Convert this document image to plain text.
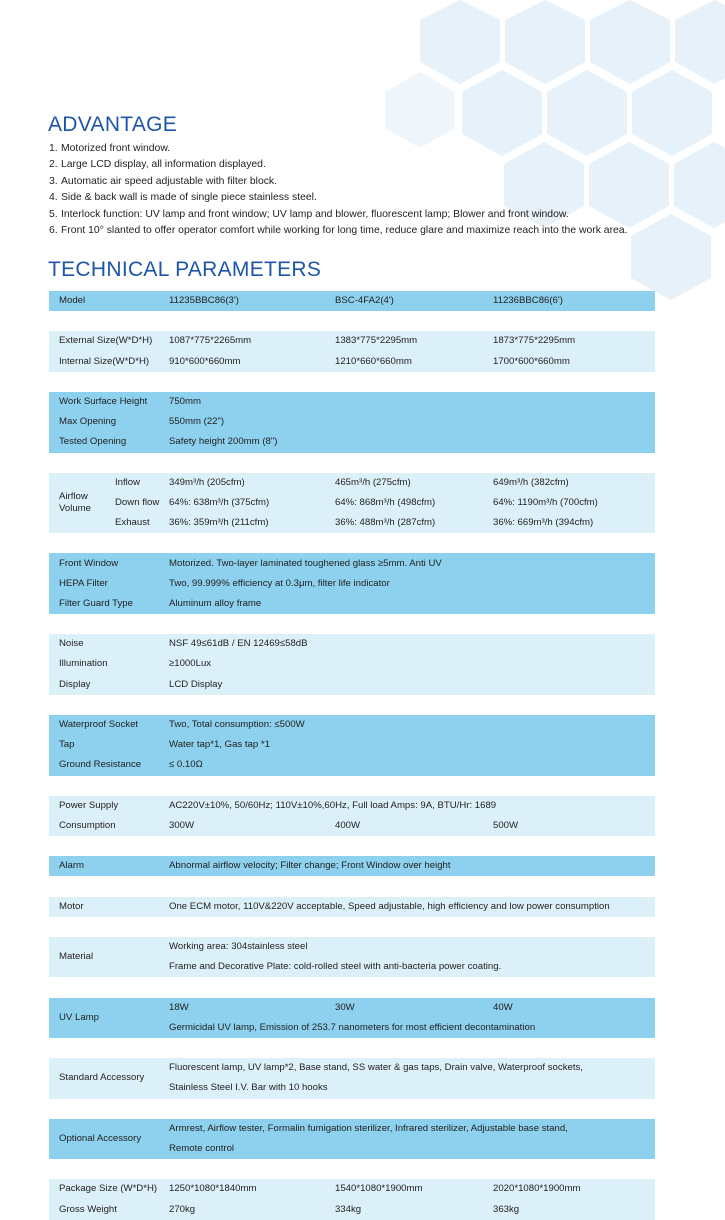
ADVANTAGE
1. Motorized front window.
2. Large LCD display, all information displayed.
3. Automatic air speed adjustable with filter block.
4. Side & back wall is made of single piece stainless steel.
5. Interlock function: UV lamp and front window; UV lamp and blower, fluorescent lamp; Blower and front window.
6. Front 10° slanted to offer operator comfort while working for long time, reduce glare and maximize reach into the work area.
TECHNICAL PARAMETERS
Model		11235BBC86(3')	BSC-4FA2(4')	11236BBC86(6')

External Size(W*D*H)		1087*775*2265mm	1383*775*2295mm	1873*775*2295mm
Internal Size(W*D*H)		910*600*660mm	1210*660*660mm	1700*600*660mm

Work Surface Height		750mm		
Max Opening		550mm (22")		
Tested Opening		Safety height 200mm (8")		

Airflow Volume	Inflow	349m³/h (205cfm)	465m³/h (275cfm)	649m³/h (382cfm)
	Down flow	64%: 638m³/h (375cfm)	64%: 868m³/h (498cfm)	64%: 1190m³/h (700cfm)
	Exhaust	36%: 359m³/h (211cfm)	36%: 488m³/h (287cfm)	36%: 669m³/h (394cfm)

Front Window		Motorized. Two-layer laminated toughened glass ≥5mm. Anti UV		
HEPA Filter		Two, 99.999% efficiency at 0.3μm, filter life indicator		
Filter Guard Type		Aluminum alloy frame		

Noise		NSF 49≤61dB / EN 12469≤58dB		
Illumination		≥1000Lux		
Display		LCD Display		

Waterproof Socket		Two, Total consumption: ≤500W		
Tap		Water tap*1, Gas tap *1		
Ground Resistance		≤ 0.10Ω		

Power Supply		AC220V±10%, 50/60Hz; 110V±10%,60Hz, Full load Amps: 9A, BTU/Hr: 1689		
Consumption		300W	400W	500W

Alarm		Abnormal airflow velocity; Filter change; Front Window over height		

Motor		One ECM motor, 110V&220V acceptable, Speed adjustable, high efficiency and low power consumption		

Material		Working area: 304stainless steel		
		Frame and Decorative Plate: cold-rolled steel with anti-bacteria power coating.		

UV Lamp		18W	30W	40W
		Germicidal UV lamp, Emission of 253.7 nanometers for most efficient decontamination		

Standard Accessory		Fluorescent lamp, UV lamp*2, Base stand, SS water & gas taps, Drain valve, Waterproof sockets,		
		Stainless Steel I.V. Bar with 10 hooks		

Optional Accessory		Armrest, Airflow tester, Formalin fumigation sterilizer, Infrared sterilizer, Adjustable base stand,		
		Remote control		

Package Size (W*D*H)		1250*1080*1840mm	1540*1080*1900mm	2020*1080*1900mm
Gross Weight		270kg	334kg	363kg
